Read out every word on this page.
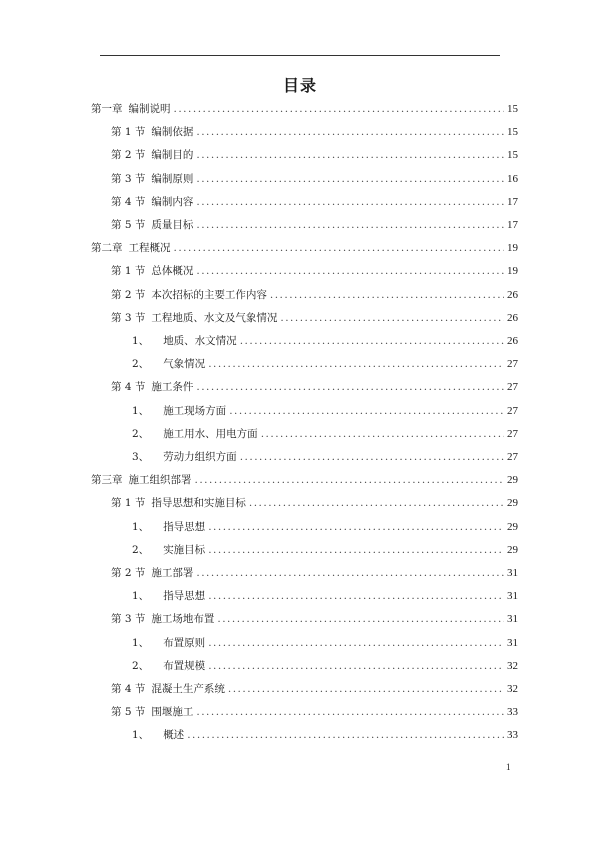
目录
第一章 编制说明 .....	15
第 1 节 编制依据 .....	15
第 2 节 编制目的 .....	15
第 3 节 编制原则 .....	16
第 4 节 编制内容 .....	17
第 5 节 质量目标 .....	17
第二章 工程概况 .....	19
第 1 节 总体概况 .....	19
第 2 节 本次招标的主要工作内容 .....	26
第 3 节 工程地质、水文及气象情况 .....	26
1、 地质、水文情况 .....	26
2、 气象情况 .....	27
第 4 节 施工条件 .....	27
1、 施工现场方面 .....	27
2、 施工用水、用电方面 .....	27
3、 劳动力组织方面 .....	27
第三章 施工组织部署 .....	29
第 1 节 指导思想和实施目标 .....	29
1、 指导思想 .....	29
2、 实施目标 .....	29
第 2 节 施工部署 .....	31
1、 指导思想 .....	31
第 3 节 施工场地布置 .....	31
1、 布置原则 .....	31
2、 布置规模 .....	32
第 4 节 混凝土生产系统 .....	32
第 5 节 围堰施工 .....	33
1、 概述 .....	33
1
